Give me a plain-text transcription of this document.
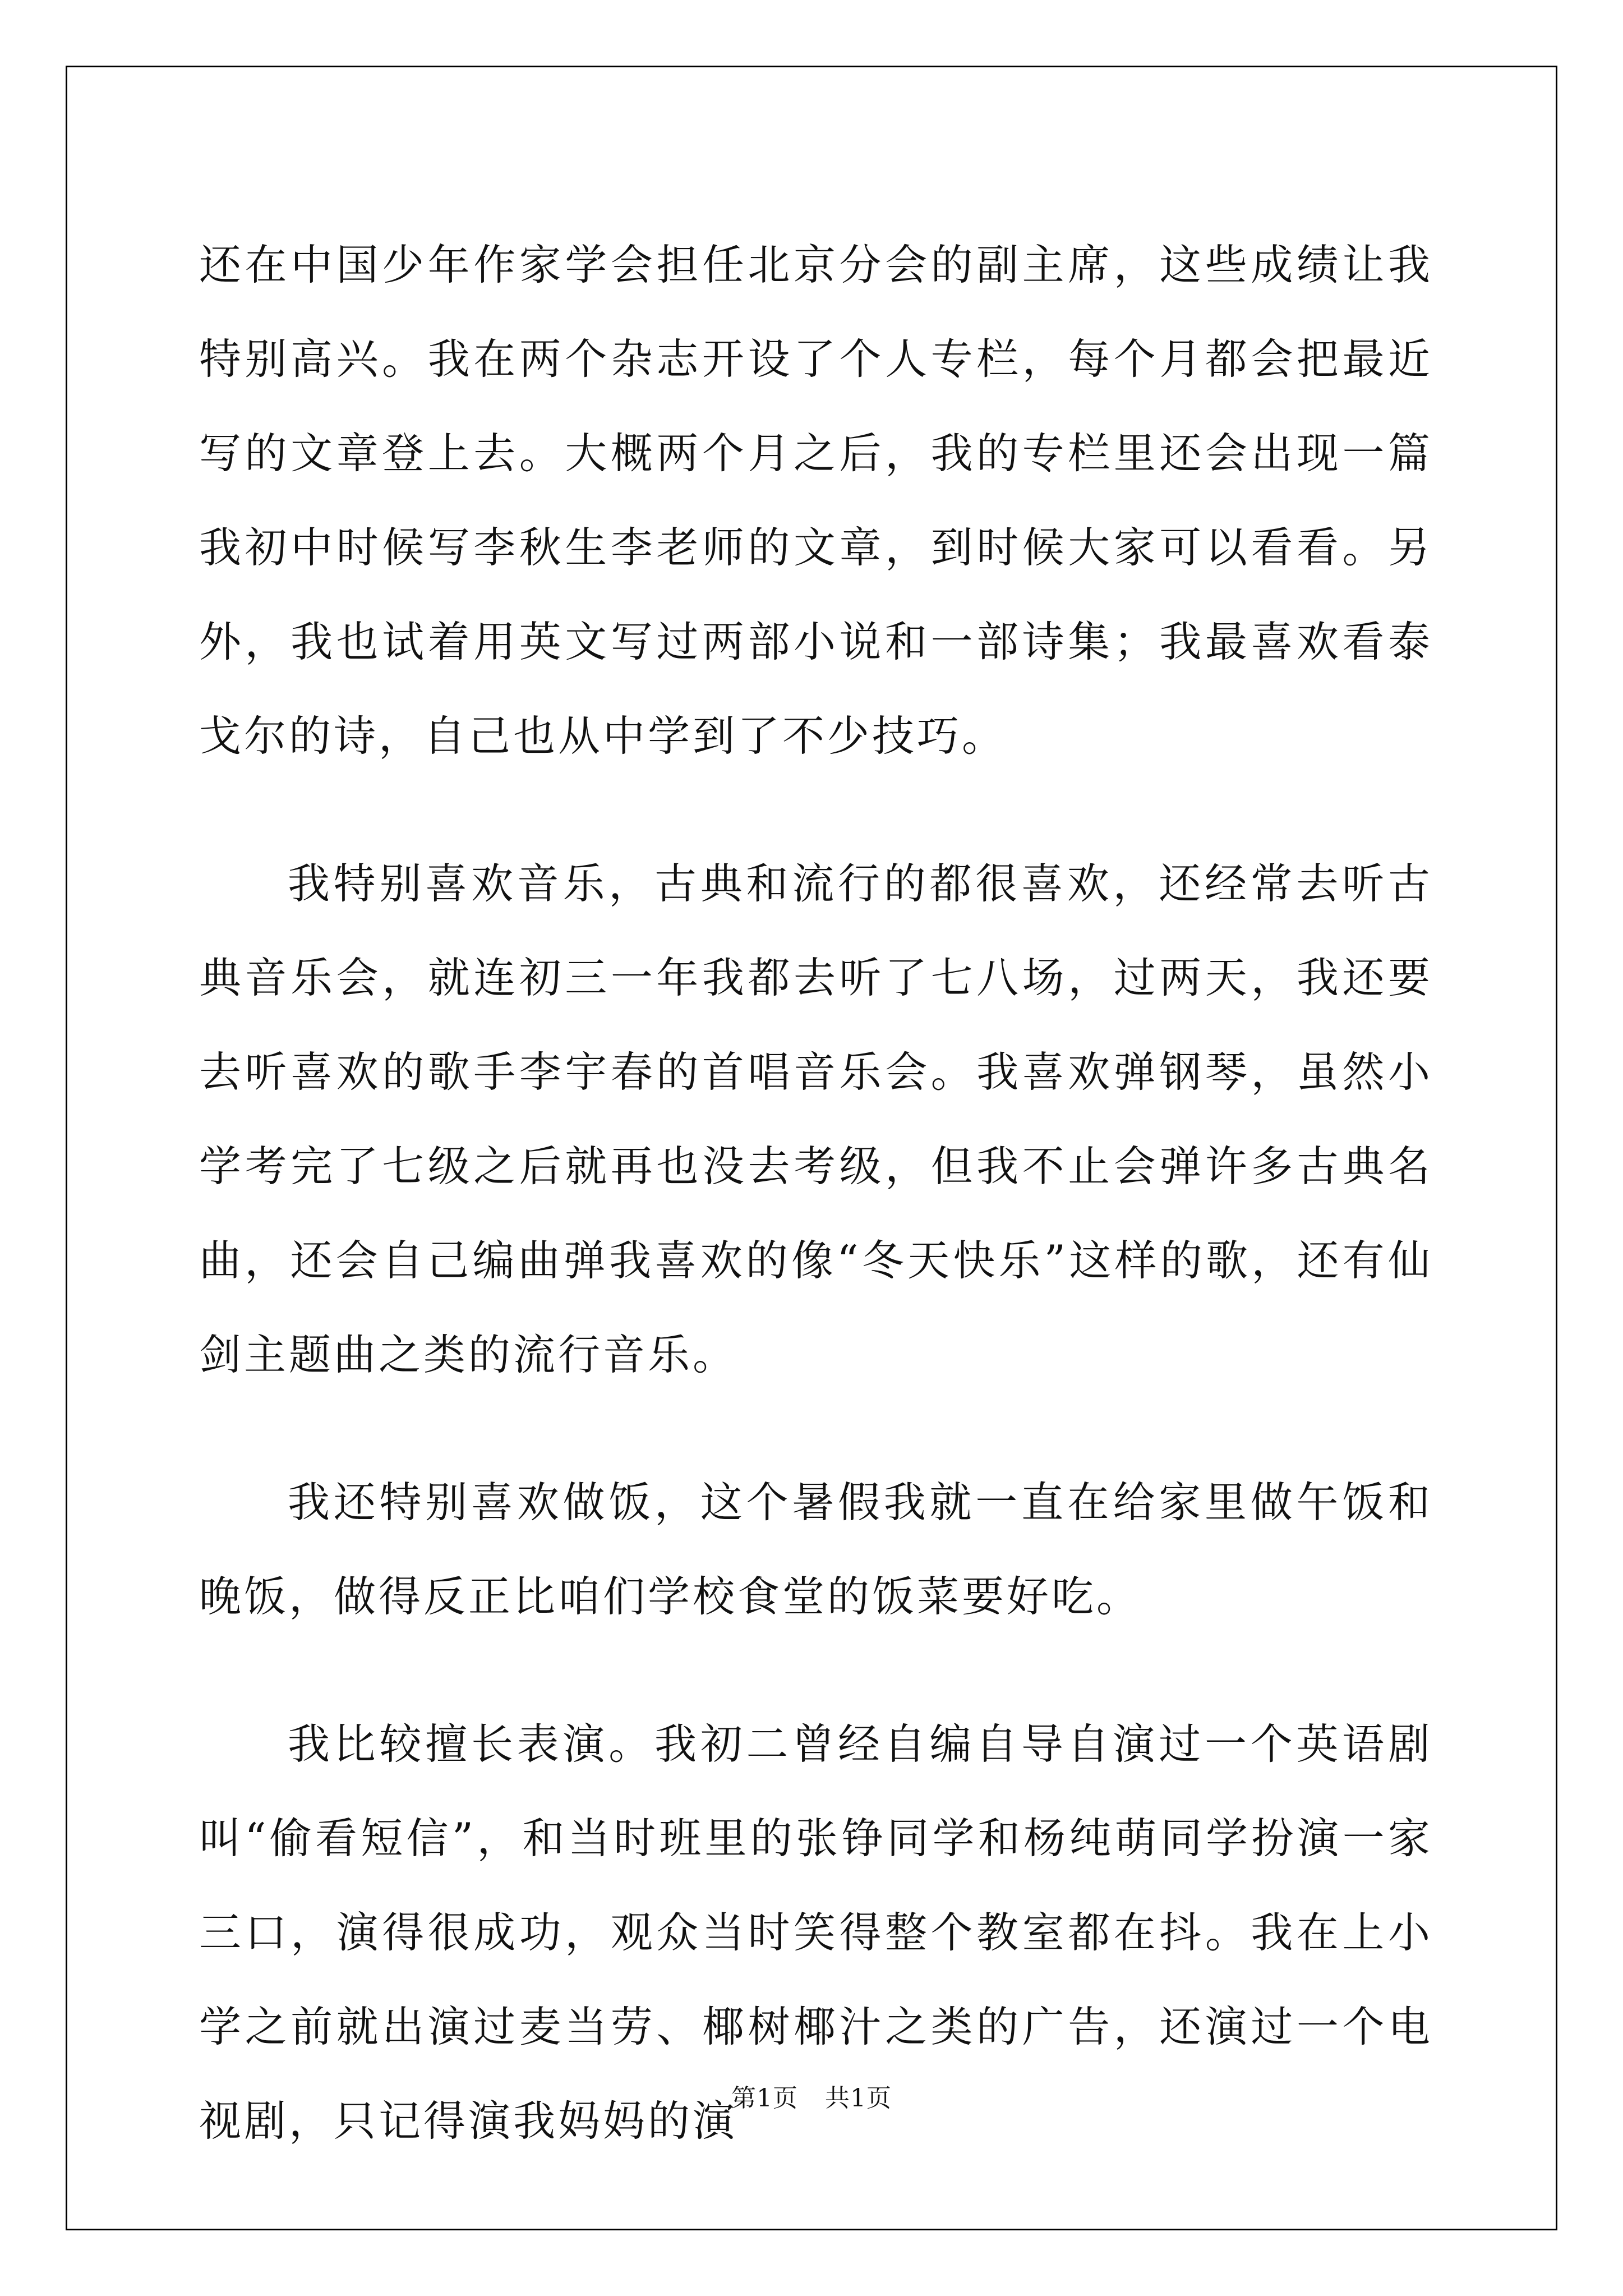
还在中国少年作家学会担任北京分会的副主席，这些成绩让我特别高兴。我在两个杂志开设了个人专栏，每个月都会把最近写的文章登上去。大概两个月之后，我的专栏里还会出现一篇我初中时候写李秋生李老师的文章，到时候大家可以看看。另外，我也试着用英文写过两部小说和一部诗集；我最喜欢看泰戈尔的诗，自己也从中学到了不少技巧。

我特别喜欢音乐，古典和流行的都很喜欢，还经常去听古典音乐会，就连初三一年我都去听了七八场，过两天，我还要去听喜欢的歌手李宇春的首唱音乐会。我喜欢弹钢琴，虽然小学考完了七级之后就再也没去考级，但我不止会弹许多古典名曲，还会自己编曲弹我喜欢的像“冬天快乐”这样的歌，还有仙剑主题曲之类的流行音乐。

我还特别喜欢做饭，这个暑假我就一直在给家里做午饭和晚饭，做得反正比咱们学校食堂的饭菜要好吃。

我比较擅长表演。我初二曾经自编自导自演过一个英语剧叫“偷看短信”，和当时班里的张铮同学和杨纯萌同学扮演一家三口，演得很成功，观众当时笑得整个教室都在抖。我在上小学之前就出演过麦当劳、椰树椰汁之类的广告，还演过一个电视剧，只记得演我妈妈的演

第1页 共1页
